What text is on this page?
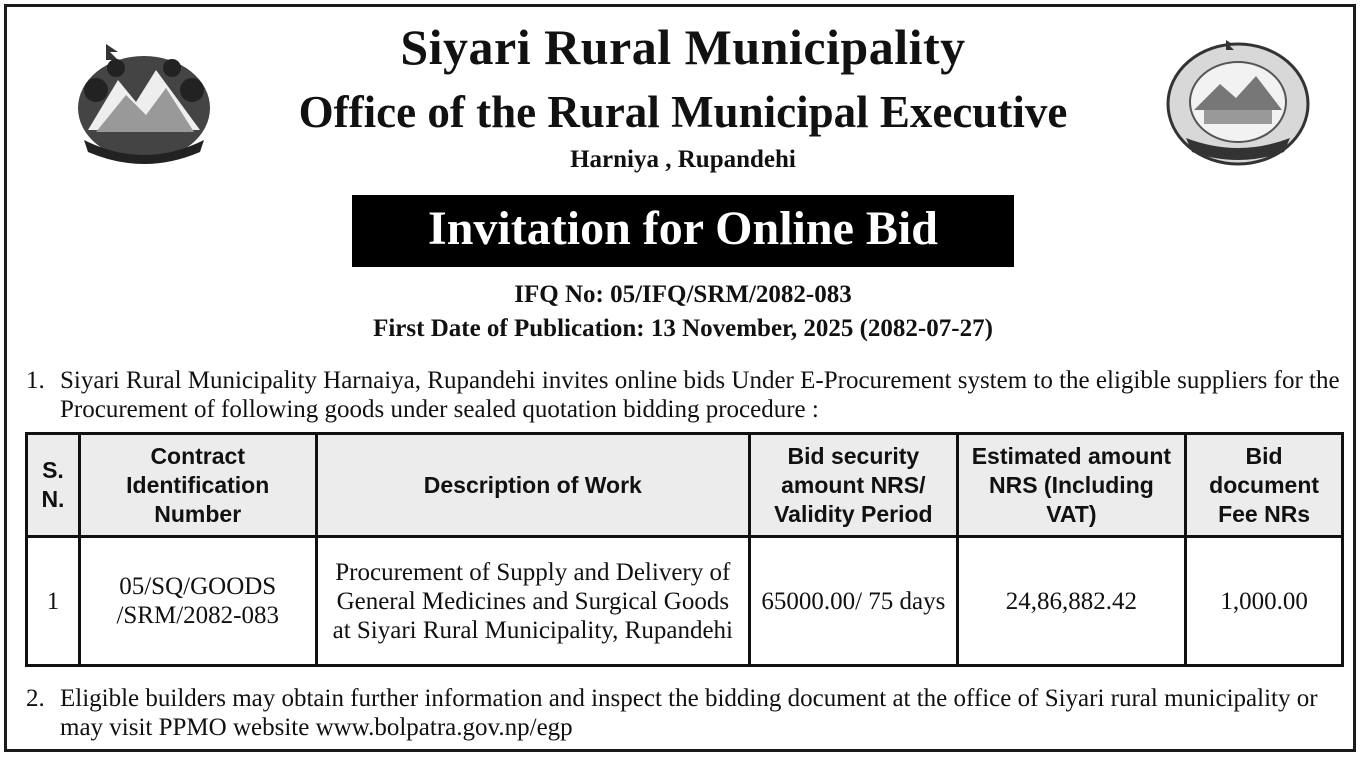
Siyari Rural Municipality
Office of the Rural Municipal Executive
Harniya , Rupandehi
Invitation for Online Bid
IFQ No: 05/IFQ/SRM/2082-083
First Date of Publication: 13 November, 2025 (2082-07-27)
1. Siyari Rural Municipality Harnaiya, Rupandehi invites online bids Under E-Procurement system to the eligible suppliers for the Procurement of following goods under sealed quotation bidding procedure :
S. N.	Contract Identification Number	Description of Work	Bid security amount NRS/ Validity Period	Estimated amount NRS (Including VAT)	Bid document Fee NRs
1	05/SQ/GOODS /SRM/2082-083	Procurement of Supply and Delivery of General Medicines and Surgical Goods at Siyari Rural Municipality, Rupandehi	65000.00/ 75 days	24,86,882.42	1,000.00
2. Eligible builders may obtain further information and inspect the bidding document at the office of Siyari rural municipality or may visit PPMO website www.bolpatra.gov.np/egp
